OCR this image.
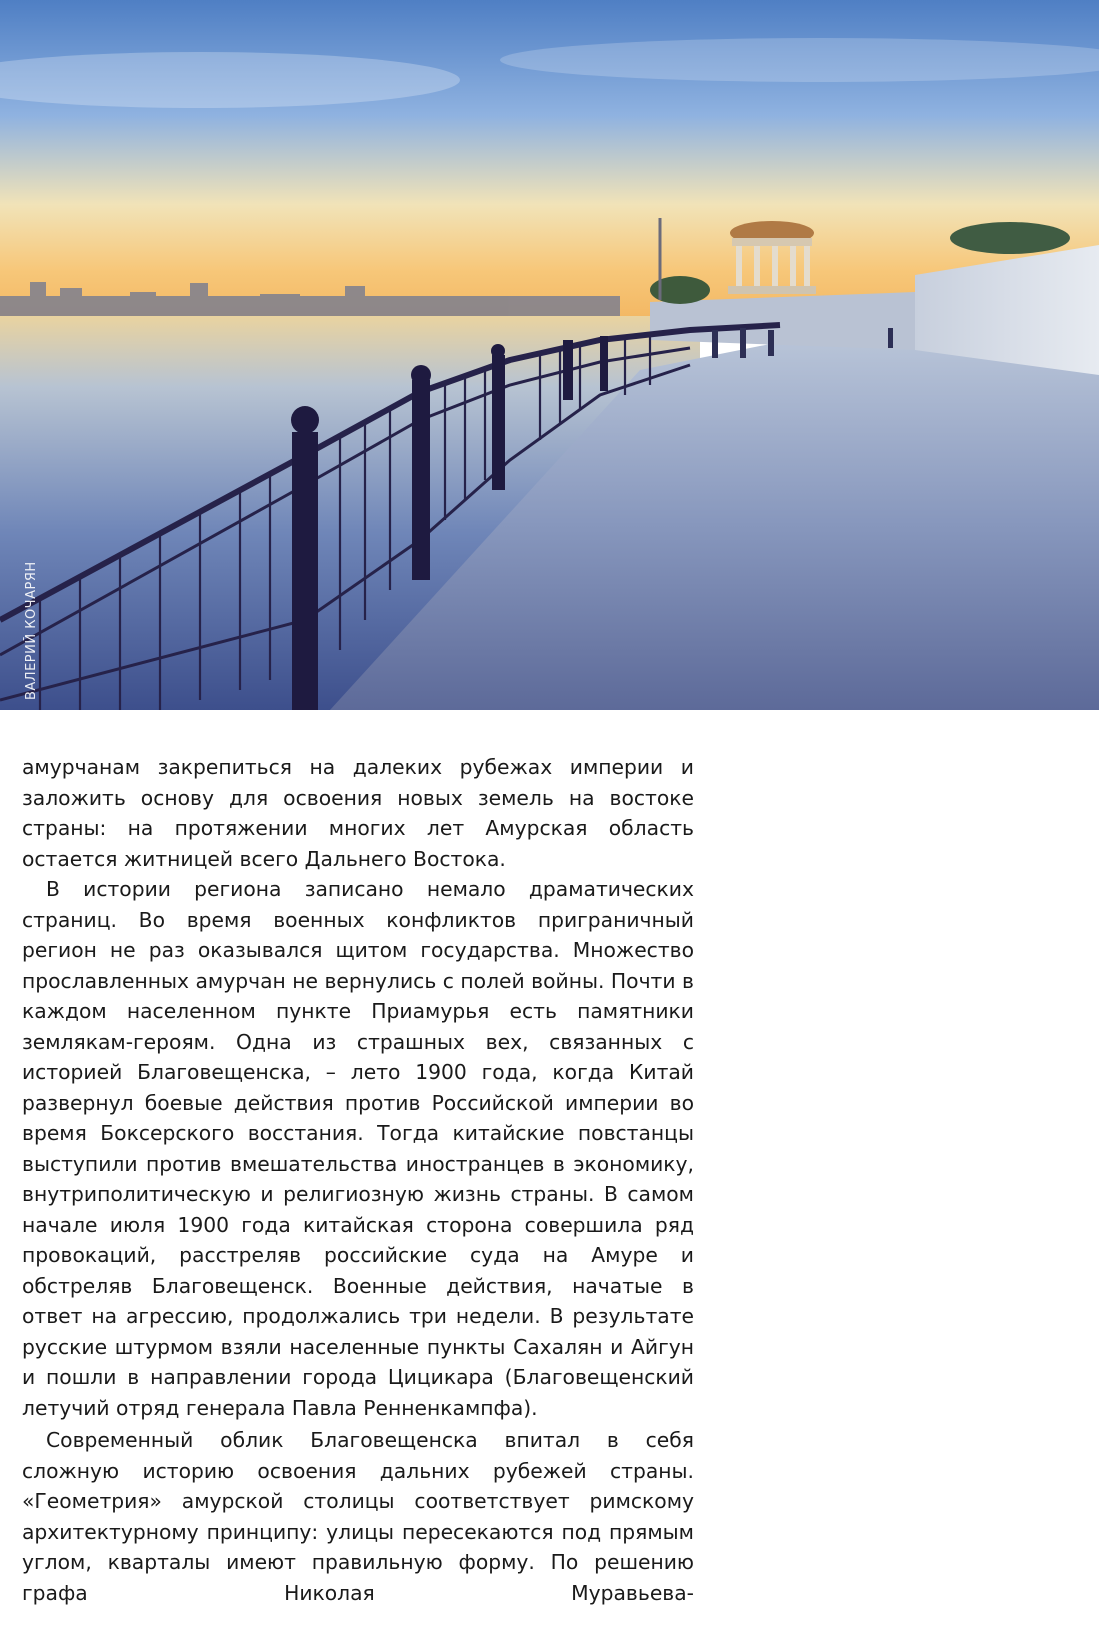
ВАЛЕРИЙ КОЧАРЯН

амурчанам закрепиться на далеких рубежах империи и заложить основу для освоения новых земель на востоке страны: на протяжении многих лет Амурская область остается житницей всего Дальнего Востока.

В истории региона записано немало драматических страниц. Во время военных конфликтов приграничный регион не раз оказывался щитом государства. Множество прославленных амурчан не вернулись с полей войны. Почти в каждом населенном пункте Приамурья есть памятники землякам-героям. Одна из страшных вех, связанных с историей Благовещенска, – лето 1900 года, когда Китай развернул боевые действия против Российской империи во время Боксерского восстания. Тогда китайские повстанцы выступили против вмешательства иностранцев в экономику, внутриполитическую и религиозную жизнь страны. В самом начале июля 1900 года китайская сторона совершила ряд провокаций, расстреляв российские суда на Амуре и обстреляв Благовещенск. Военные действия, начатые в ответ на агрессию, продолжались три недели. В результате русские штурмом взяли населенные пункты Сахалян и Айгун и пошли в направлении города Цицикара (Благовещенский летучий отряд генерала Павла Ренненкампфа).

Современный облик Благовещенска впитал в себя сложную историю освоения дальних рубежей страны. «Геометрия» амурской столицы соответствует римскому архитектурному принципу: улицы пересекаются под прямым углом, кварталы имеют правильную форму. По решению графа Николая Муравьева-
